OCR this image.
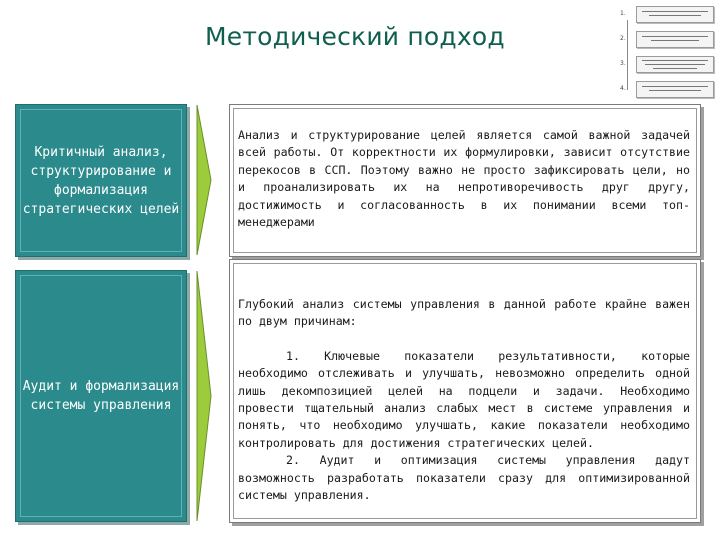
Методический подход
1.
2.
3.
4.
Критичный анализ, структурирование и формализация стратегических целей

Анализ и структурирование целей является самой важной задачей всей работы. От корректности их формулировки, зависит отсутствие перекосов в ССП. Поэтому важно не просто зафиксировать цели, но и проанализировать их на непротиворечивость друг другу, достижимость и согласованность в их понимании всеми топ-менеджерами

Аудит и формализация системы управления

Глубокий анализ системы управления в данной работе крайне важен по двум причинам:

1. Ключевые показатели результативности, которые необходимо отслеживать и улучшать, невозможно определить одной лишь декомпозицией целей на подцели и задачи. Необходимо провести тщательный анализ слабых мест в системе управления и понять, что необходимо улучшать, какие показатели необходимо контролировать для достижения стратегических целей.

2. Аудит и оптимизация системы управления дадут возможность разработать показатели сразу для оптимизированной системы управления.
